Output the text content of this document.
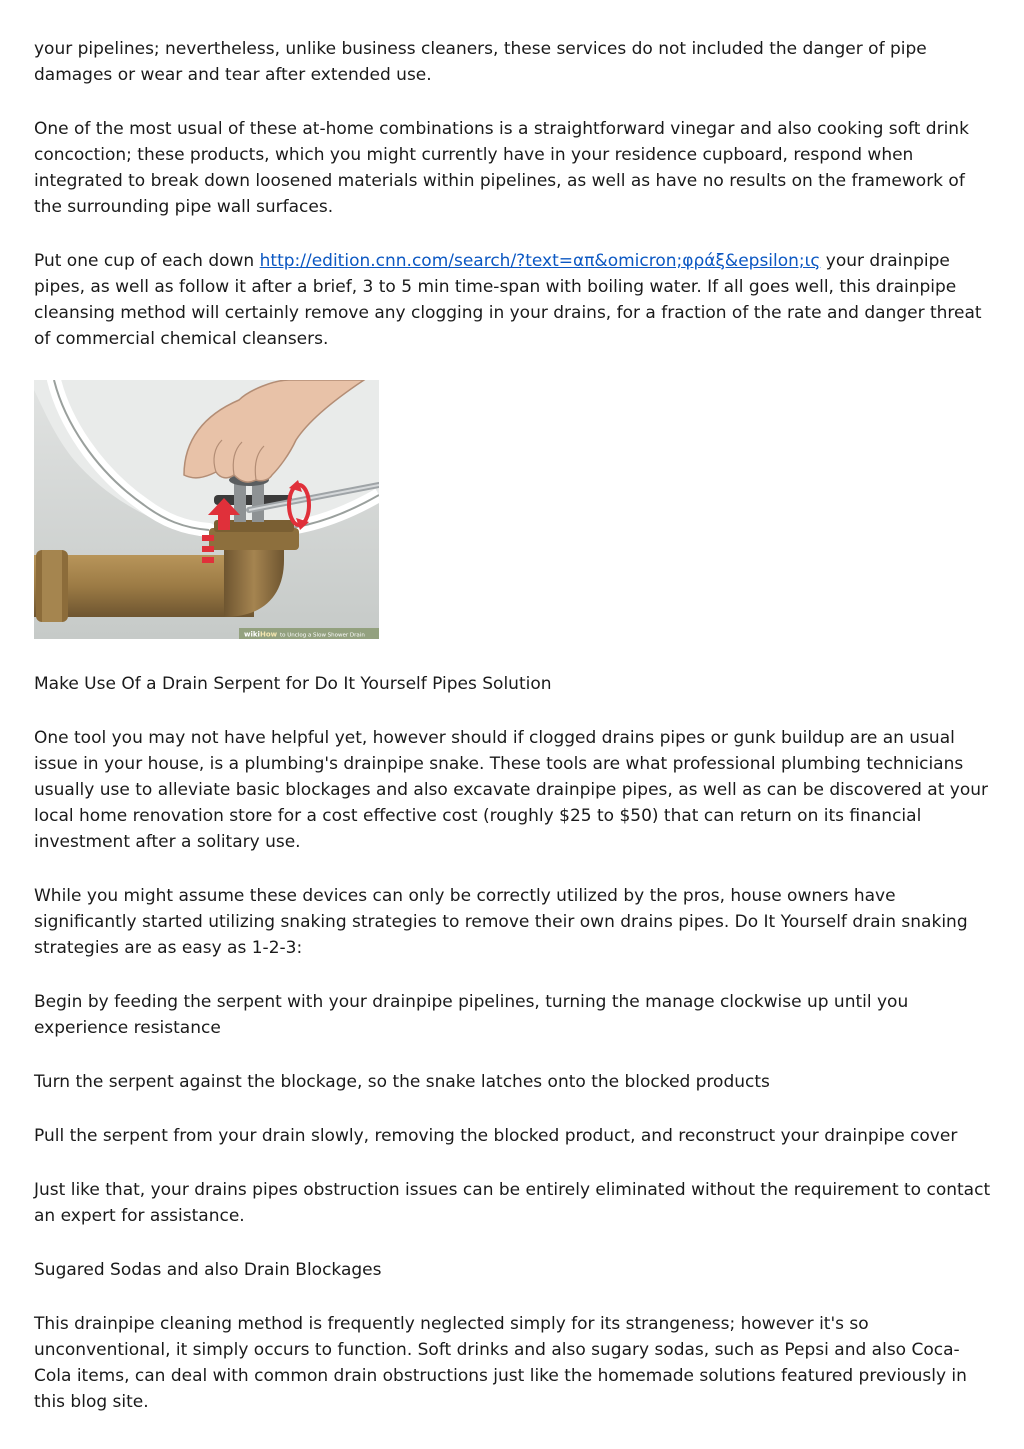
your pipelines; nevertheless, unlike business cleaners, these services do not included the danger of pipe damages or wear and tear after extended use.

One of the most usual of these at-home combinations is a straightforward vinegar and also cooking soft drink concoction; these products, which you might currently have in your residence cupboard, respond when integrated to break down loosened materials within pipelines, as well as have no results on the framework of the surrounding pipe wall surfaces.

Put one cup of each down http://edition.cnn.com/search/?text=απ&omicron;φράξ&epsilon;ις your drainpipe pipes, as well as follow it after a brief, 3 to 5 min time-span with boiling water. If all goes well, this drainpipe cleansing method will certainly remove any clogging in your drains, for a fraction of the rate and danger threat of commercial chemical cleansers.

wiki How to Unclog a Slow Shower Drain

Make Use Of a Drain Serpent for Do It Yourself Pipes Solution

One tool you may not have helpful yet, however should if clogged drains pipes or gunk buildup are an usual issue in your house, is a plumbing's drainpipe snake. These tools are what professional plumbing technicians usually use to alleviate basic blockages and also excavate drainpipe pipes, as well as can be discovered at your local home renovation store for a cost effective cost (roughly $25 to $50) that can return on its financial investment after a solitary use.

While you might assume these devices can only be correctly utilized by the pros, house owners have significantly started utilizing snaking strategies to remove their own drains pipes. Do It Yourself drain snaking strategies are as easy as 1-2-3:

Begin by feeding the serpent with your drainpipe pipelines, turning the manage clockwise up until you experience resistance

Turn the serpent against the blockage, so the snake latches onto the blocked products

Pull the serpent from your drain slowly, removing the blocked product, and reconstruct your drainpipe cover

Just like that, your drains pipes obstruction issues can be entirely eliminated without the requirement to contact an expert for assistance.

Sugared Sodas and also Drain Blockages

This drainpipe cleaning method is frequently neglected simply for its strangeness; however it's so unconventional, it simply occurs to function. Soft drinks and also sugary sodas, such as Pepsi and also Coca-Cola items, can deal with common drain obstructions just like the homemade solutions featured previously in this blog site.
